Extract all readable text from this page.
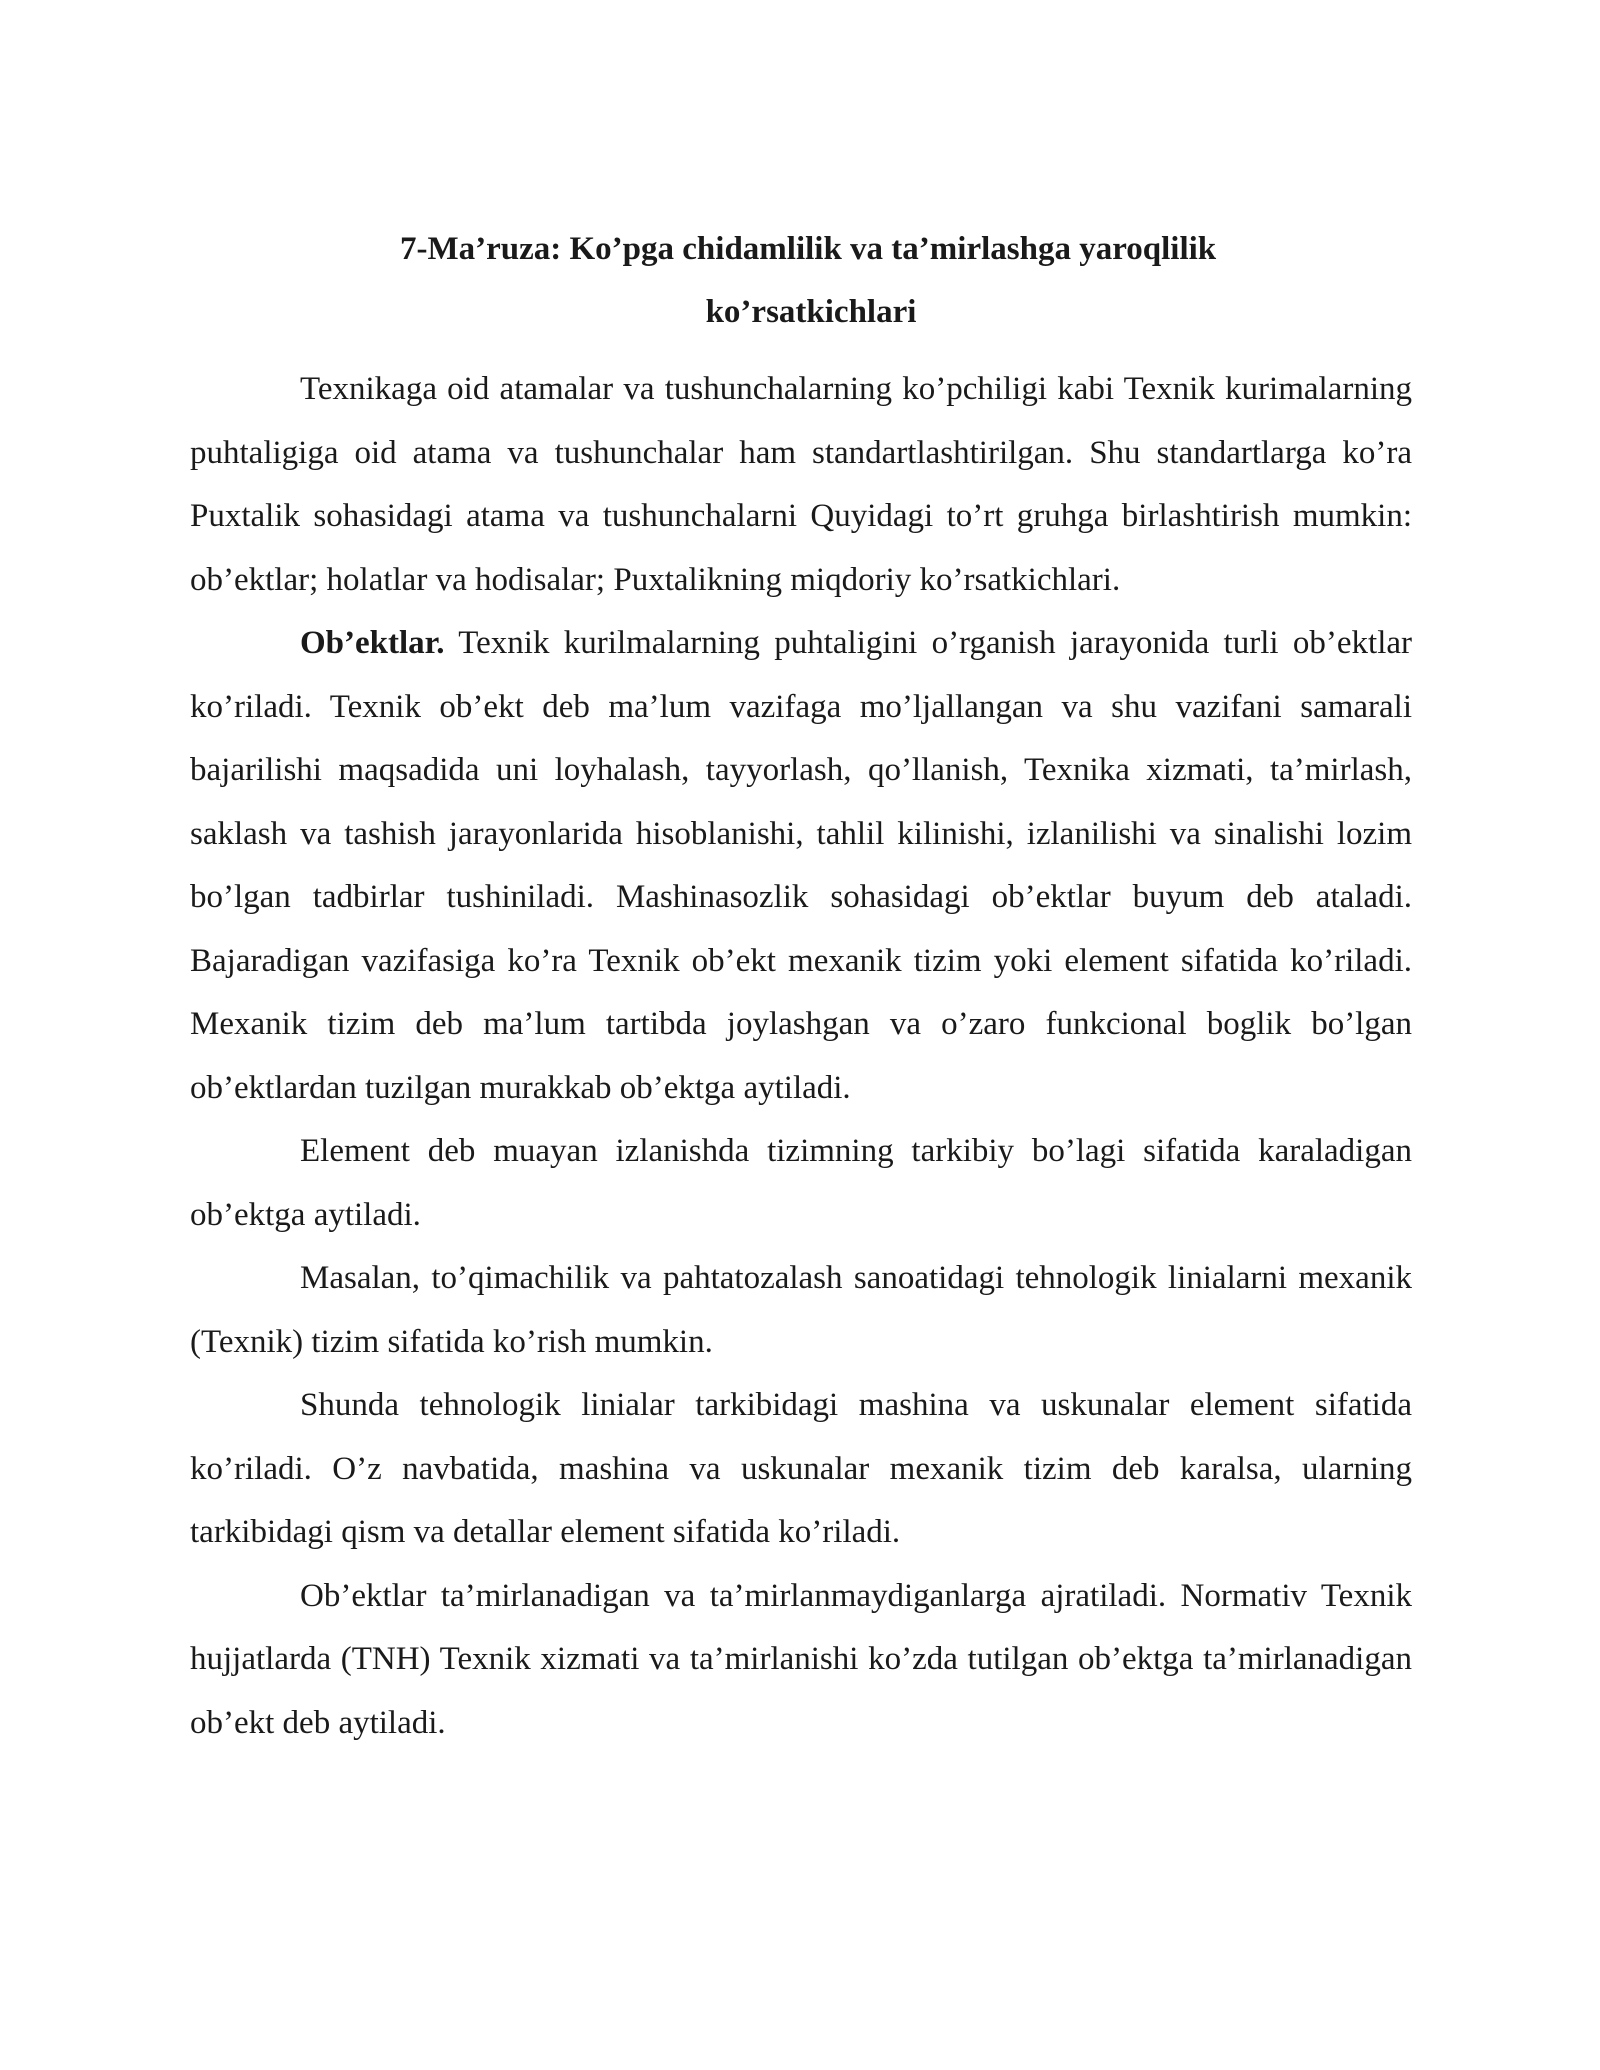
7-Ma’ruza: Ko’pga chidamlilik va ta’mirlashga yaroqlilik
ko’rsatkichlari

Texnikaga oid atamalar va tushunchalarning ko’pchiligi kabi Texnik kurimalarning puhtaligiga oid atama va tushunchalar ham standartlashtirilgan. Shu standartlarga ko’ra Puxtalik sohasidagi atama va tushunchalarni Quyidagi to’rt gruhga birlashtirish mumkin: ob’ektlar; holatlar va hodisalar; Puxtalikning miqdoriy ko’rsatkichlari.

Ob’ektlar. Texnik kurilmalarning puhtaligini o’rganish jarayonida turli ob’ektlar ko’riladi. Texnik ob’ekt deb ma’lum vazifaga mo’ljallangan va shu vazifani samarali bajarilishi maqsadida uni loyhalash, tayyorlash, qo’llanish, Texnika xizmati, ta’mirlash, saklash va tashish jarayonlarida hisoblanishi, tahlil kilinishi, izlanilishi va sinalishi lozim bo’lgan tadbirlar tushiniladi. Mashinasozlik sohasidagi ob’ektlar buyum deb ataladi. Bajaradigan vazifasiga ko’ra Texnik ob’ekt mexanik tizim yoki element sifatida ko’riladi. Mexanik tizim deb ma’lum tartibda joylashgan va o’zaro funkcional boglik bo’lgan ob’ektlardan tuzilgan murakkab ob’ektga aytiladi.

Element deb muayan izlanishda tizimning tarkibiy bo’lagi sifatida karaladigan ob’ektga aytiladi.

Masalan, to’qimachilik va pahtatozalash sanoatidagi tehnologik linialarni mexanik (Texnik) tizim sifatida ko’rish mumkin.

Shunda tehnologik linialar tarkibidagi mashina va uskunalar element sifatida ko’riladi. O’z navbatida, mashina va uskunalar mexanik tizim deb karalsa, ularning tarkibidagi qism va detallar element sifatida ko’riladi.

Ob’ektlar ta’mirlanadigan va ta’mirlanmaydiganlarga ajratiladi. Normativ Texnik hujjatlarda (TNH) Texnik xizmati va ta’mirlanishi ko’zda tutilgan ob’ektga ta’mirlanadigan ob’ekt deb aytiladi.
